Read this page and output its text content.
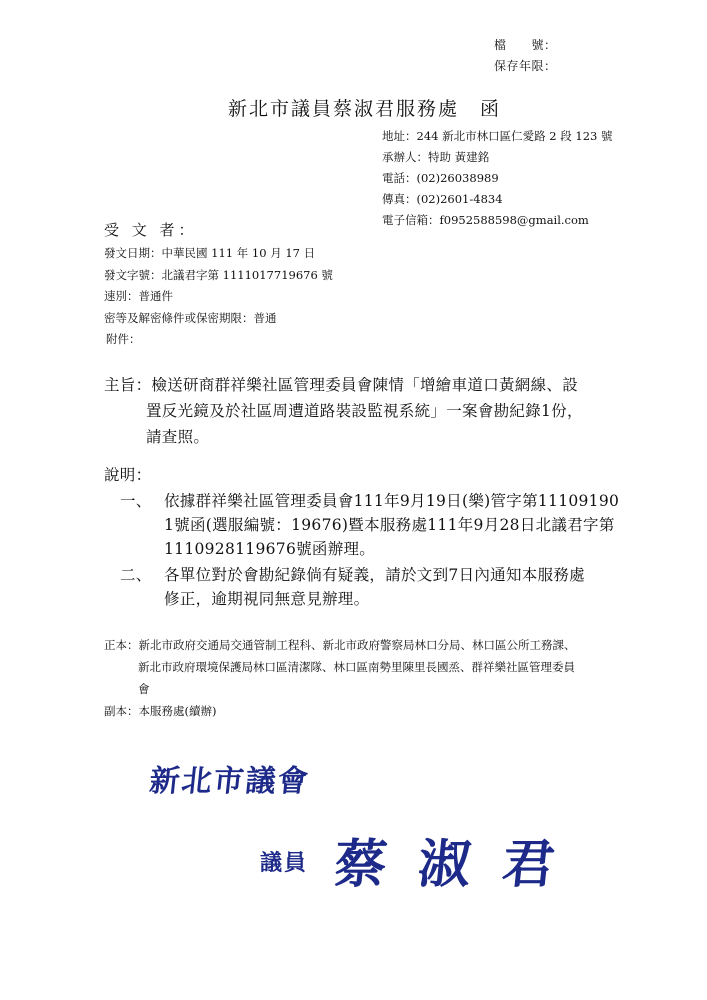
檔　　號：
保存年限：
新北市議員蔡淑君服務處　函
地址：244 新北市林口區仁愛路 2 段 123 號
承辦人：特助 黃建銘
電話：(02)26038989
傳真：(02)2601-4834
電子信箱：f0952588598@gmail.com
受 文 者：
發文日期：中華民國 111 年 10 月 17 日
發文字號：北議君字第 1111017719676 號
速別：普通件
密等及解密條件或保密期限：普通
附件：
主旨：檢送研商群祥樂社區管理委員會陳情「增繪車道口黃網線、設
置反光鏡及於社區周遭道路裝設監視系統」一案會勘紀錄1份，
請查照。
說明：
一、 依據群祥樂社區管理委員會111年9月19日(樂)管字第11109190
1號函(選服編號：19676)暨本服務處111年9月28日北議君字第
1110928119676號函辦理。
二、 各單位對於會勘紀錄倘有疑義，請於文到7日內通知本服務處
修正，逾期視同無意見辦理。
正本：新北市政府交通局交通管制工程科、新北市政府警察局林口分局、林口區公所工務課、
新北市政府環境保護局林口區清潔隊、林口區南勢里陳里長國烝、群祥樂社區管理委員
會
副本：本服務處(續辦)
新北市議會
議員 蔡淑君
